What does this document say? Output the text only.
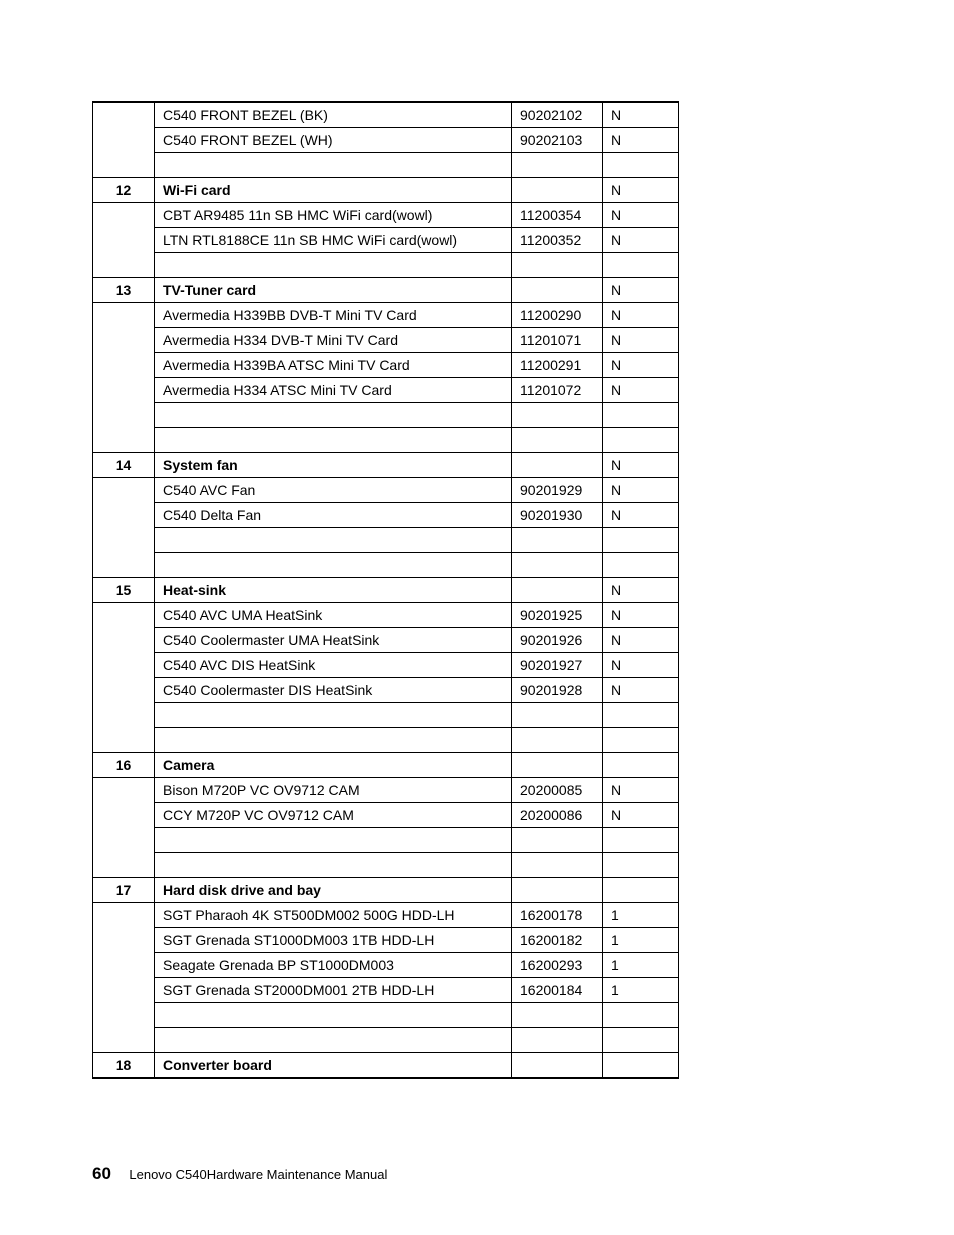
	C540 FRONT BEZEL (BK)	90202102	N
	C540 FRONT BEZEL (WH)	90202103	N

12	Wi-Fi card		N
	CBT AR9485 11n SB HMC WiFi card(wowl)	11200354	N
	LTN RTL8188CE 11n SB HMC WiFi card(wowl)	11200352	N

13	TV-Tuner card		N
	Avermedia H339BB DVB-T Mini TV Card	11200290	N
	Avermedia H334 DVB-T Mini TV Card	11201071	N
	Avermedia H339BA ATSC Mini TV Card	11200291	N
	Avermedia H334 ATSC Mini TV Card	11201072	N

14	System fan		N
	C540 AVC Fan	90201929	N
	C540 Delta Fan	90201930	N

15	Heat-sink		N
	C540 AVC UMA HeatSink	90201925	N
	C540 Coolermaster UMA HeatSink	90201926	N
	C540 AVC DIS HeatSink	90201927	N
	C540 Coolermaster DIS HeatSink	90201928	N

16	Camera		
	Bison M720P VC OV9712 CAM	20200085	N
	CCY M720P VC OV9712 CAM	20200086	N

17	Hard disk drive and bay		
	SGT Pharaoh 4K ST500DM002 500G HDD-LH	16200178	1
	SGT Grenada ST1000DM003 1TB HDD-LH	16200182	1
	Seagate Grenada BP ST1000DM003	16200293	1
	SGT Grenada ST2000DM001 2TB HDD-LH	16200184	1

18	Converter board		
60 Lenovo C540Hardware Maintenance Manual
